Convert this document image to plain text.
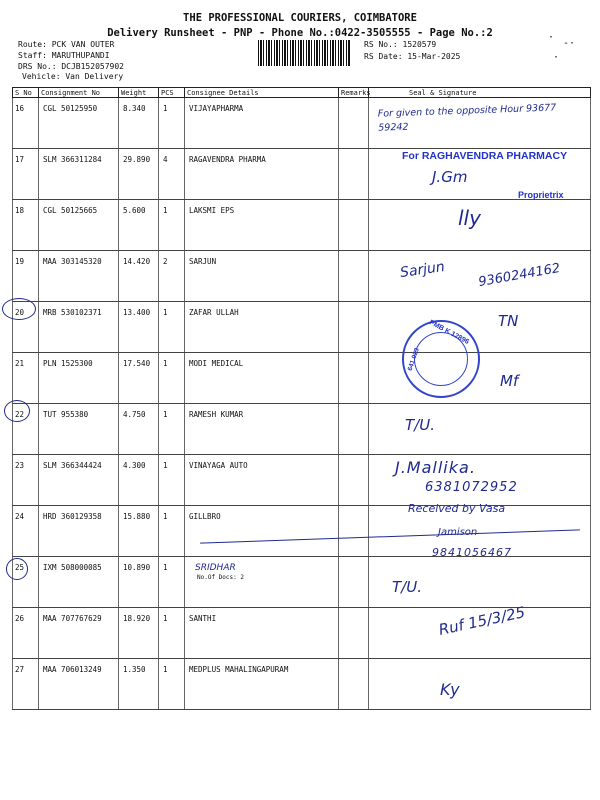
THE PROFESSIONAL COURIERS, COIMBATORE
Delivery Runsheet - PNP - Phone No.:0422-3505555 - Page No.:2
Route: PCK VAN OUTER
Staff: MARUTHUPANDI
DRS No.: DCJB152057902
Vehicle: Van Delivery
RS No.: 1520579
RS Date: 15-Mar-2025
·
-·
·
S No	Consignment No	Weight	PCS	Consignee Details	Remarks	Seal & Signature
16	CGL 50125950	8.340	1	VIJAYAPHARMA		
17	SLM 366311284	29.890	4	RAGAVENDRA PHARMA		
18	CGL 50125665	5.600	1	LAKSMI EPS		
19	MAA 303145320	14.420	2	SARJUN		
20	MRB 530102371	13.400	1	ZAFAR ULLAH		
21	PLN 1525300	17.540	1	MODI MEDICAL		
22	TUT 955380	4.750	1	RAMESH KUMAR		
23	SLM 366344424	4.300	1	VINAYAGA AUTO		
24	HRD 360129358	15.880	1	GILLBRO		
25	IXM 508000085	10.890	1	SRIDHAR
No.Of Docs: 2		

26	MAA 707767629	18.920	1	SANTHI		
27	MAA 706013249	1.350	1	MEDPLUS MAHALINGAPURAM		
For given to the opposite Hour 93677 59242
For RAGHAVENDRA PHARMACY
J.Gm
Proprietrix
lly
Sarjun 9360244162
TN
PMB K 12896
641 023
Mf
T/U.
J.Mallika.
6381072952
Received by Vasa
Jamison
9841056467
T/U.
Ruf 15/3/25
Ky
